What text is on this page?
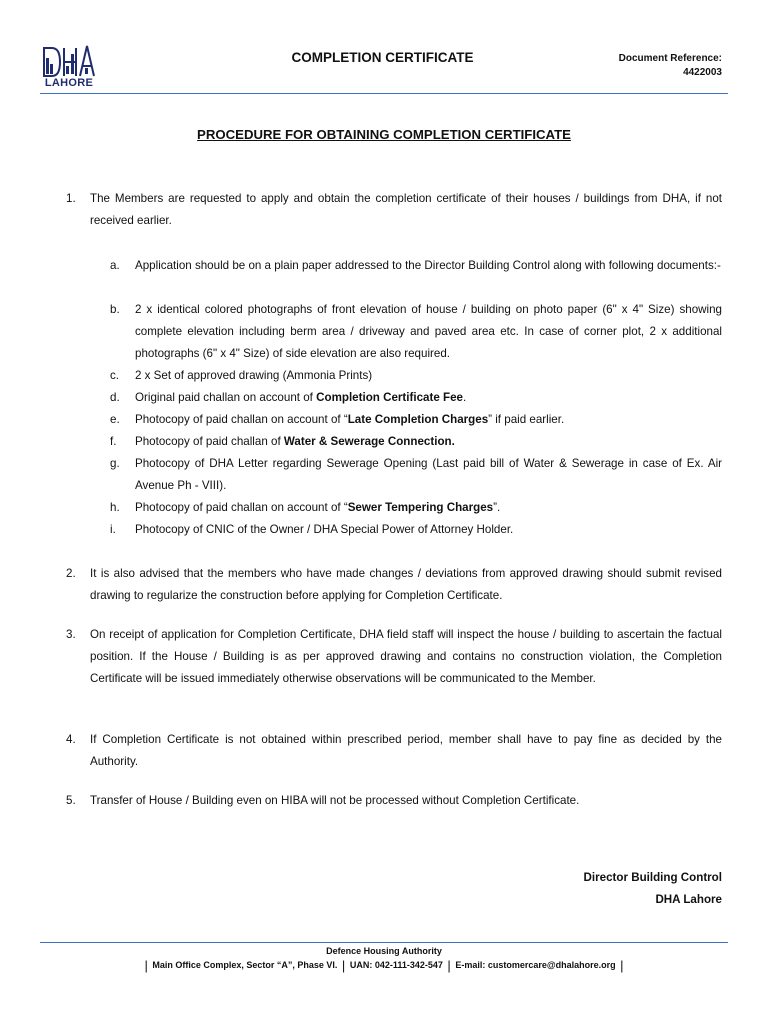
LAHORE
COMPLETION CERTIFICATE	Document Reference:
4422003
PROCEDURE FOR OBTAINING COMPLETION CERTIFICATE
1. The Members are requested to apply and obtain the completion certificate of their houses / buildings from DHA, if not received earlier.
a. Application should be on a plain paper addressed to the Director Building Control along with following documents:-
b. 2 x identical colored photographs of front elevation of house / building on photo paper (6" x 4" Size) showing complete elevation including berm area / driveway and paved area etc. In case of corner plot, 2 x additional photographs (6" x 4" Size) of side elevation are also required.
c. 2 x Set of approved drawing (Ammonia Prints)
d. Original paid challan on account of Completion Certificate Fee.
e. Photocopy of paid challan on account of “Late Completion Charges” if paid earlier.
f. Photocopy of paid challan of Water & Sewerage Connection.
g. Photocopy of DHA Letter regarding Sewerage Opening (Last paid bill of Water & Sewerage in case of Ex. Air Avenue Ph - VIII).
h. Photocopy of paid challan on account of “Sewer Tempering Charges”.
i. Photocopy of CNIC of the Owner / DHA Special Power of Attorney Holder.
2. It is also advised that the members who have made changes / deviations from approved drawing should submit revised drawing to regularize the construction before applying for Completion Certificate.
3. On receipt of application for Completion Certificate, DHA field staff will inspect the house / building to ascertain the factual position. If the House / Building is as per approved drawing and contains no construction violation, the Completion Certificate will be issued immediately otherwise observations will be communicated to the Member.
4. If Completion Certificate is not obtained within prescribed period, member shall have to pay fine as decided by the Authority.
5. Transfer of House / Building even on HIBA will not be processed without Completion Certificate.
Director Building Control
DHA Lahore
Defence Housing Authority
| Main Office Complex, Sector “A”, Phase VI. | UAN: 042-111-342-547 | E-mail: customercare@dhalahore.org |
